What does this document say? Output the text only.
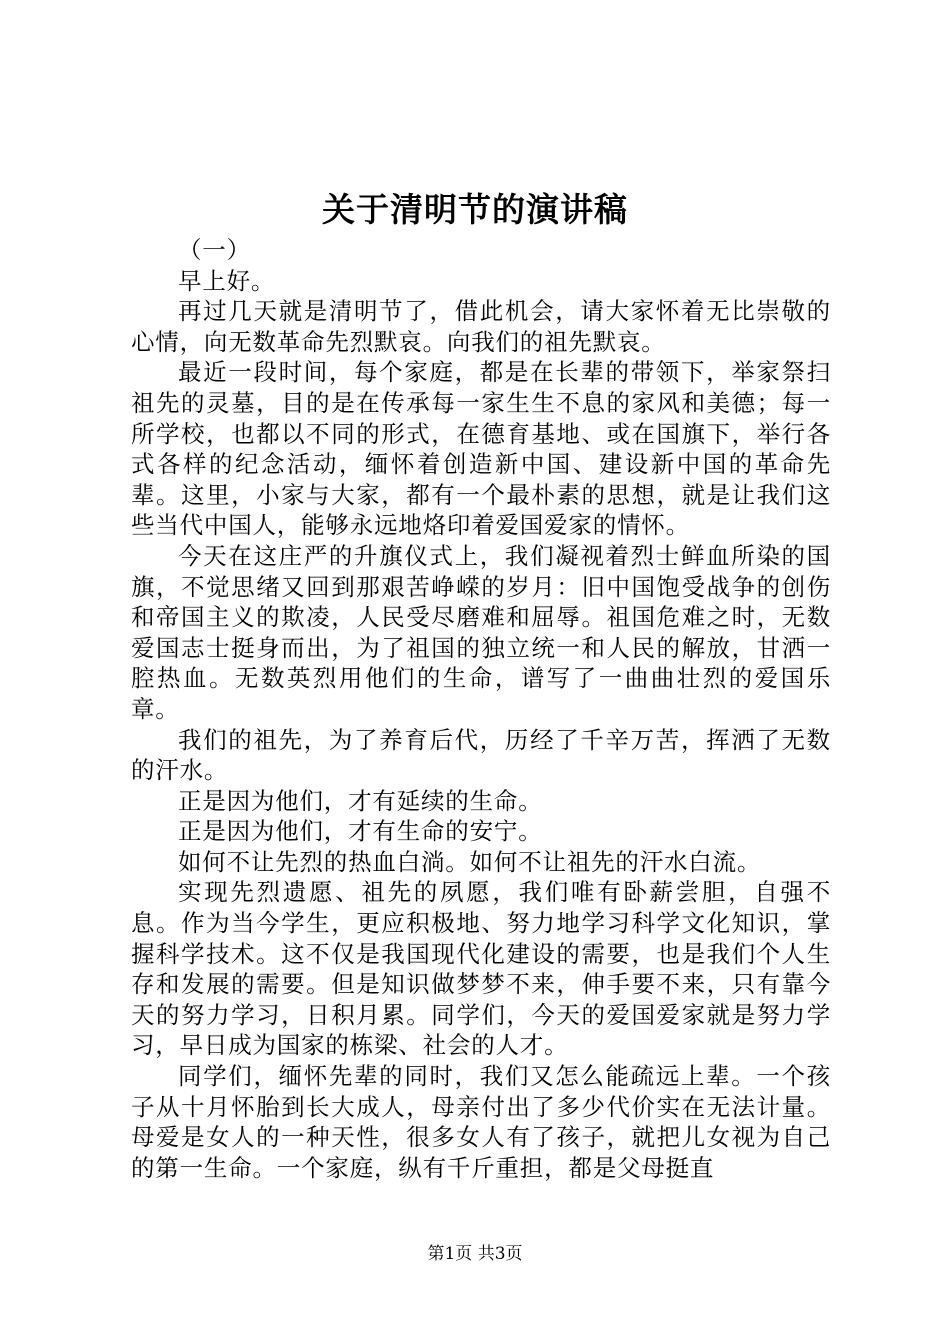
关于清明节的演讲稿

（一）

早上好。

再过几天就是清明节了，借此机会，请大家怀着无比崇敬的心情，向无数革命先烈默哀。向我们的祖先默哀。

最近一段时间，每个家庭，都是在长辈的带领下，举家祭扫祖先的灵墓，目的是在传承每一家生生不息的家风和美德；每一所学校，也都以不同的形式，在德育基地、或在国旗下，举行各式各样的纪念活动，缅怀着创造新中国、建设新中国的革命先辈。这里，小家与大家，都有一个最朴素的思想，就是让我们这些当代中国人，能够永远地烙印着爱国爱家的情怀。

今天在这庄严的升旗仪式上，我们凝视着烈士鲜血所染的国旗，不觉思绪又回到那艰苦峥嵘的岁月：旧中国饱受战争的创伤和帝国主义的欺凌，人民受尽磨难和屈辱。祖国危难之时，无数爱国志士挺身而出，为了祖国的独立统一和人民的解放，甘洒一腔热血。无数英烈用他们的生命，谱写了一曲曲壮烈的爱国乐章。

我们的祖先，为了养育后代，历经了千辛万苦，挥洒了无数的汗水。

正是因为他们，才有延续的生命。

正是因为他们，才有生命的安宁。

如何不让先烈的热血白淌。如何不让祖先的汗水白流。

实现先烈遗愿、祖先的夙愿，我们唯有卧薪尝胆，自强不息。作为当今学生，更应积极地、努力地学习科学文化知识，掌握科学技术。这不仅是我国现代化建设的需要，也是我们个人生存和发展的需要。但是知识做梦梦不来，伸手要不来，只有靠今天的努力学习，日积月累。同学们，今天的爱国爱家就是努力学习，早日成为国家的栋梁、社会的人才。

同学们，缅怀先辈的同时，我们又怎么能疏远上辈。一个孩子从十月怀胎到长大成人，母亲付出了多少代价实在无法计量。母爱是女人的一种天性，很多女人有了孩子，就把儿女视为自己的第一生命。一个家庭，纵有千斤重担，都是父母挺直

第1页 共3页
